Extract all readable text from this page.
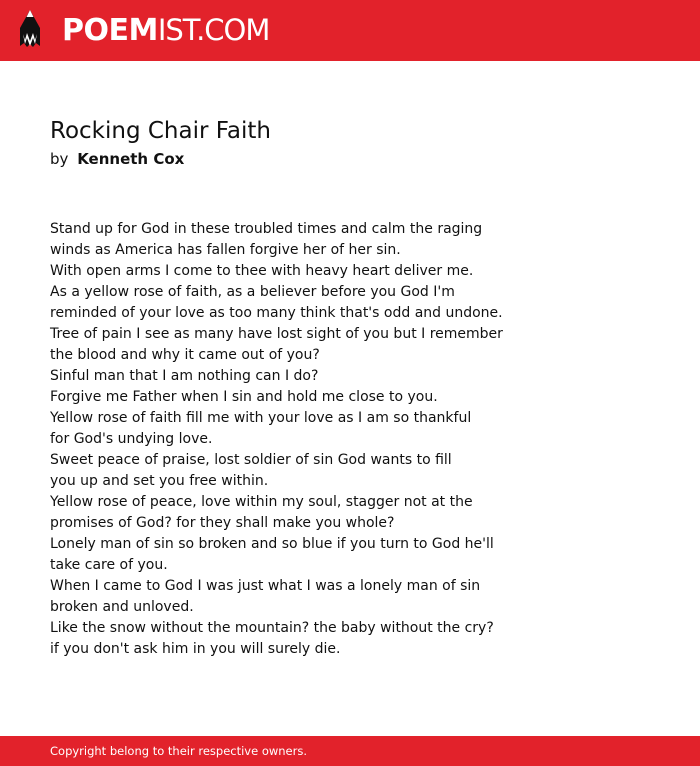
POEMIST.COM
Rocking Chair Faith
by Kenneth Cox
Stand up for God in these troubled times and calm the raging
winds as America has fallen forgive her of her sin.
With open arms I come to thee with heavy heart deliver me.
As a yellow rose of faith, as a believer before you God I'm
reminded of your love as too many think that's odd and undone.
Tree of pain I see as many have lost sight of you but I remember
the blood and why it came out of you?
Sinful man that I am nothing can I do?
Forgive me Father when I sin and hold me close to you.
Yellow rose of faith fill me with your love as I am so thankful
for God's undying love.
Sweet peace of praise, lost soldier of sin God wants to fill
you up and set you free within.
Yellow rose of peace, love within my soul, stagger not at the
promises of God? for they shall make you whole?
Lonely man of sin so broken and so blue if you turn to God he'll
take care of you.
When I came to God I was just what I was a lonely man of sin
broken and unloved.
Like the snow without the mountain? the baby without the cry?
if you don't ask him in you will surely die.
Copyright belong to their respective owners.
